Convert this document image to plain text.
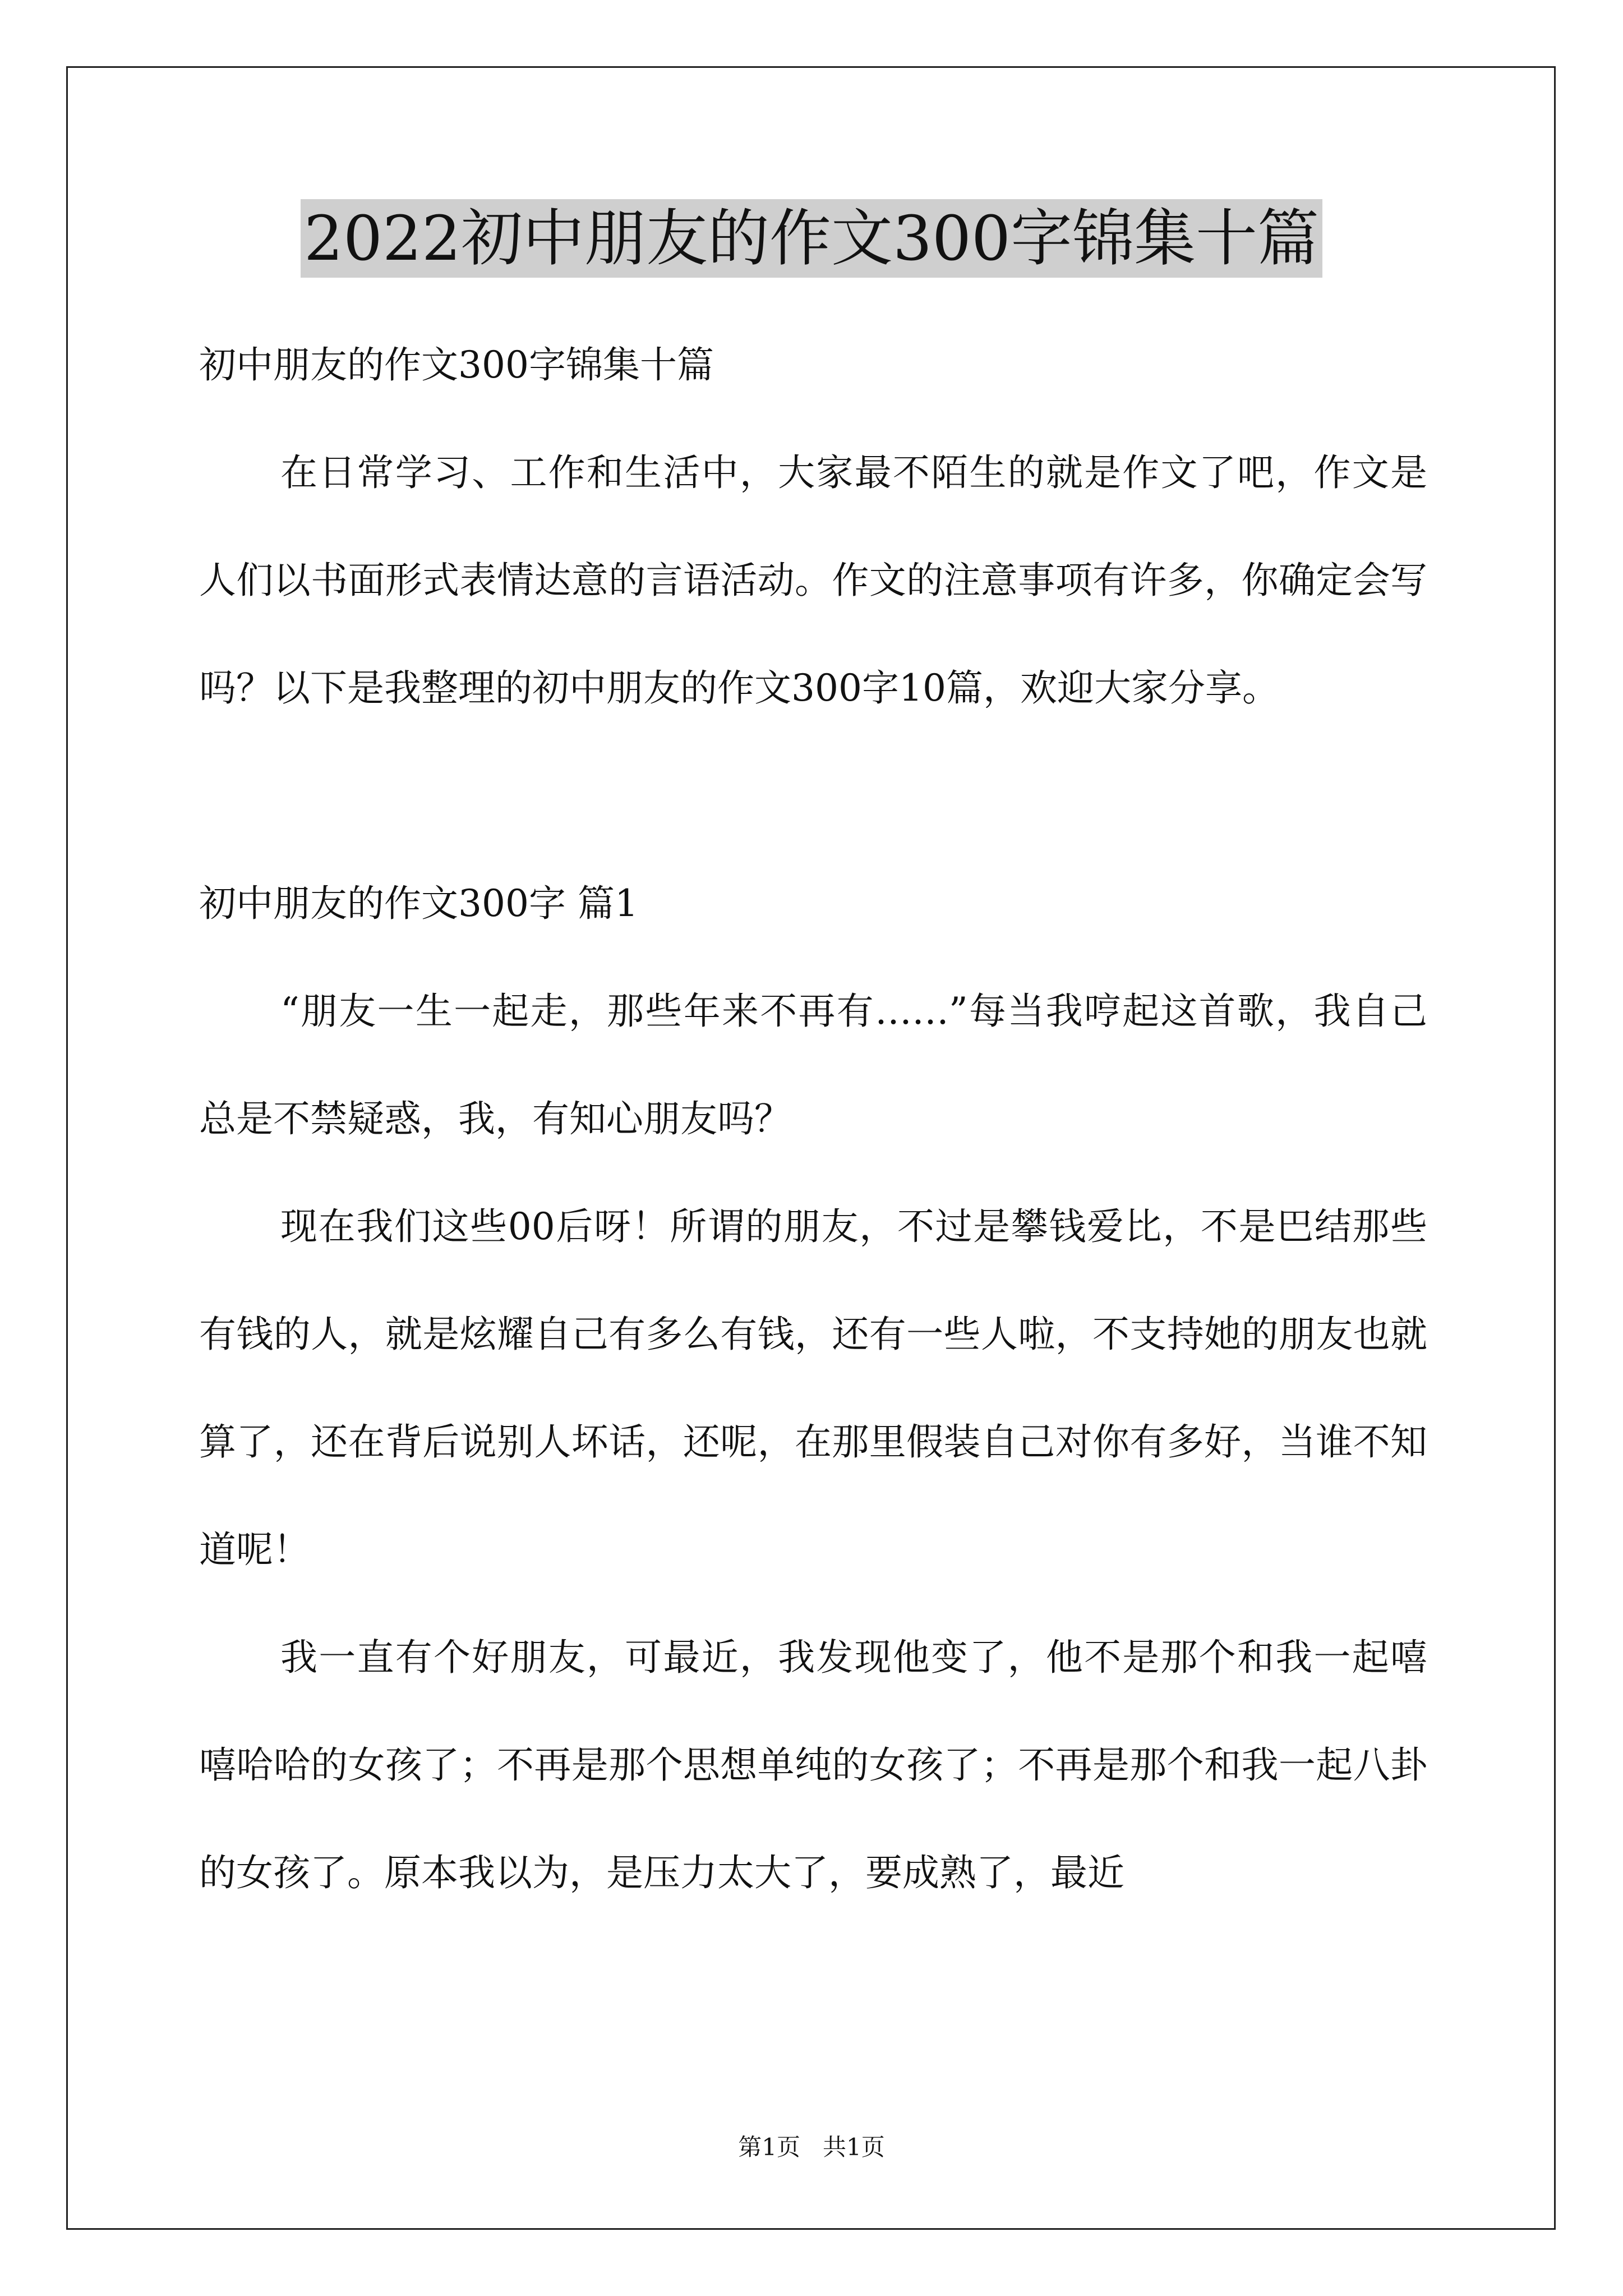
2022初中朋友的作文300字锦集十篇

初中朋友的作文300字锦集十篇

在日常学习、工作和生活中，大家最不陌生的就是作文了吧，作文是人们以书面形式表情达意的言语活动。作文的注意事项有许多，你确定会写吗？以下是我整理的初中朋友的作文300字10篇，欢迎大家分享。

初中朋友的作文300字 篇1

“朋友一生一起走，那些年来不再有……”每当我哼起这首歌，我自己总是不禁疑惑，我，有知心朋友吗？

现在我们这些00后呀！所谓的朋友，不过是攀钱爱比，不是巴结那些有钱的人，就是炫耀自己有多么有钱，还有一些人啦，不支持她的朋友也就算了，还在背后说别人坏话，还呢，在那里假装自己对你有多好，当谁不知道呢！

我一直有个好朋友，可最近，我发现他变了，他不是那个和我一起嘻嘻哈哈的女孩了；不再是那个思想单纯的女孩了；不再是那个和我一起八卦的女孩了。原本我以为，是压力太大了，要成熟了，最近

第1页   共1页
